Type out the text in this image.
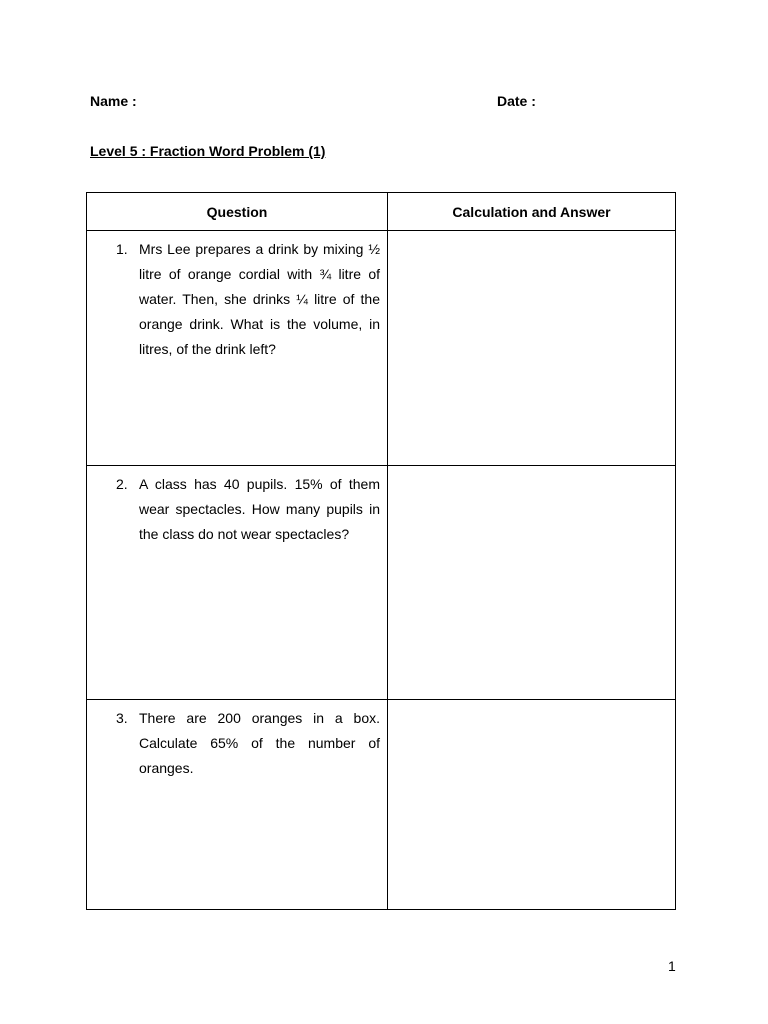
Name :	Date :
Level 5 : Fraction Word Problem (1)
Question	Calculation and Answer

1. Mrs Lee prepares a drink by mixing ½ litre of orange cordial with ¾ litre of water. Then, she drinks ¼ litre of the orange drink. What is the volume, in litres, of the drink left?	

2. A class has 40 pupils. 15% of them wear spectacles. How many pupils in the class do not wear spectacles?	

3. There are 200 oranges in a box. Calculate 65% of the number of oranges.	

1
